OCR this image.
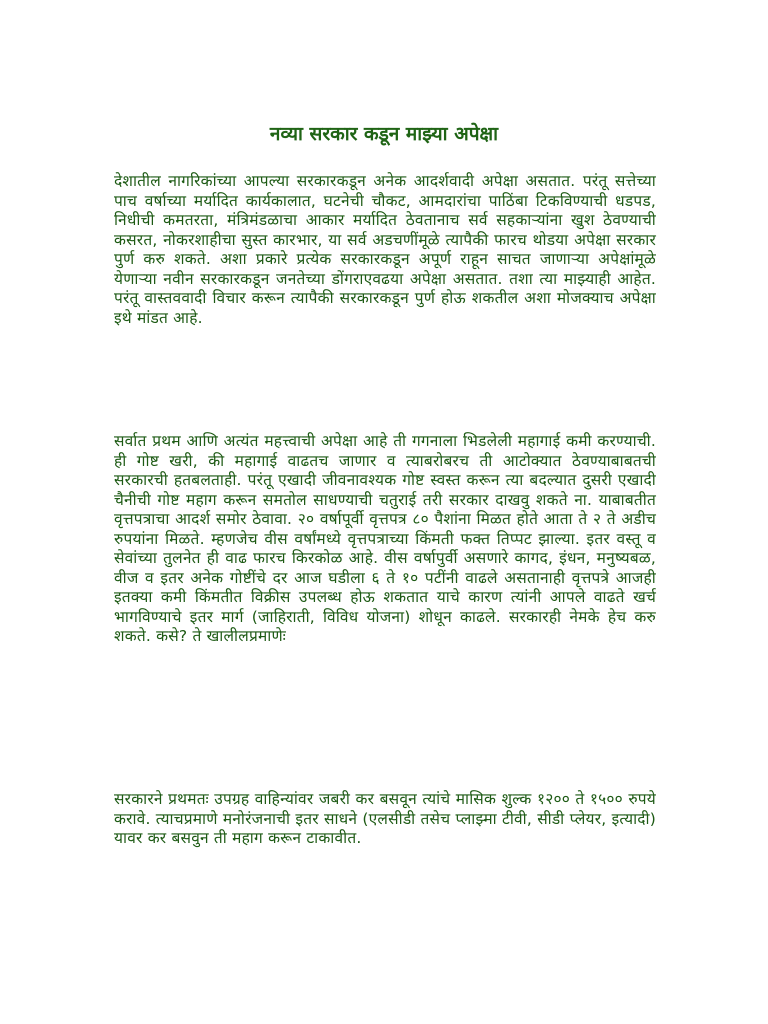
नव्या सरकार कडून माझ्या अपेक्षा

देशातील नागरिकांच्या आपल्या सरकारकडून अनेक आदर्शवादी अपेक्षा असतात. परंतू सत्तेच्या पाच वर्षाच्या मर्यादित कार्यकालात, घटनेची चौकट, आमदारांचा पाठिंबा टिकविण्याची धडपड, निधीची कमतरता, मंत्रिमंडळाचा आकार मर्यादित ठेवतानाच सर्व सहकाऱ्यांना खुश ठेवण्याची कसरत, नोकरशाहीचा सुस्त कारभार, या सर्व अडचणींमूळे त्यापैकी फारच थोडया अपेक्षा सरकार पुर्ण करु शकते. अशा प्रकारे प्रत्येक सरकारकडून अपूर्ण राहून साचत जाणाऱ्या अपेक्षांमूळे येणाऱ्या नवीन सरकारकडून जनतेच्या डोंगराएवढया अपेक्षा असतात. तशा त्या माझ्याही आहेत. परंतू वास्तववादी विचार करून त्यापैकी सरकारकडून पुर्ण होऊ शकतील अशा मोजक्याच अपेक्षा इथे मांडत आहे.

सर्वात प्रथम आणि अत्यंत महत्त्वाची अपेक्षा आहे ती गगनाला भिडलेली महागाई कमी करण्याची. ही गोष्ट खरी, की महागाई वाढतच जाणार व त्याबरोबरच ती आटोक्यात ठेवण्याबाबतची सरकारची हतबलताही. परंतू एखादी जीवनावश्यक गोष्ट स्वस्त करून त्या बदल्यात दुसरी एखादी चैनीची गोष्ट महाग करून समतोल साधण्याची चतुराई तरी सरकार दाखवु शकते ना. याबाबतीत वृत्तपत्राचा आदर्श समोर ठेवावा. २० वर्षापूर्वी वृत्तपत्र ८० पैशांना मिळत होते आता ते २ ते अडीच रुपयांना मिळते. म्हणजेच वीस वर्षांमध्ये वृत्तपत्राच्या किंमती फक्त तिप्पट झाल्या. इतर वस्तू व सेवांच्या तुलनेत ही वाढ फारच किरकोळ आहे. वीस वर्षापुर्वी असणारे कागद, इंधन, मनुष्यबळ, वीज व इतर अनेक गोष्टींचे दर आज घडीला ६ ते १० पटींनी वाढले असतानाही वृत्तपत्रे आजही इतक्या कमी किंमतीत विक्रीस उपलब्ध होऊ शकतात याचे कारण त्यांनी आपले वाढते खर्च भागविण्याचे इतर मार्ग (जाहिराती, विविध योजना) शोधून काढले. सरकारही नेमके हेच करु शकते. कसे? ते खालीलप्रमाणेः

सरकारने प्रथमतः उपग्रह वाहिन्यांवर जबरी कर बसवून त्यांचे मासिक शुल्क १२०० ते १५०० रुपये करावे. त्याचप्रमाणे मनोरंजनाची इतर साधने (एलसीडी तसेच प्लाझ्मा टीवी, सीडी प्लेयर, इत्यादी) यावर कर बसवुन ती महाग करून टाकावीत.
